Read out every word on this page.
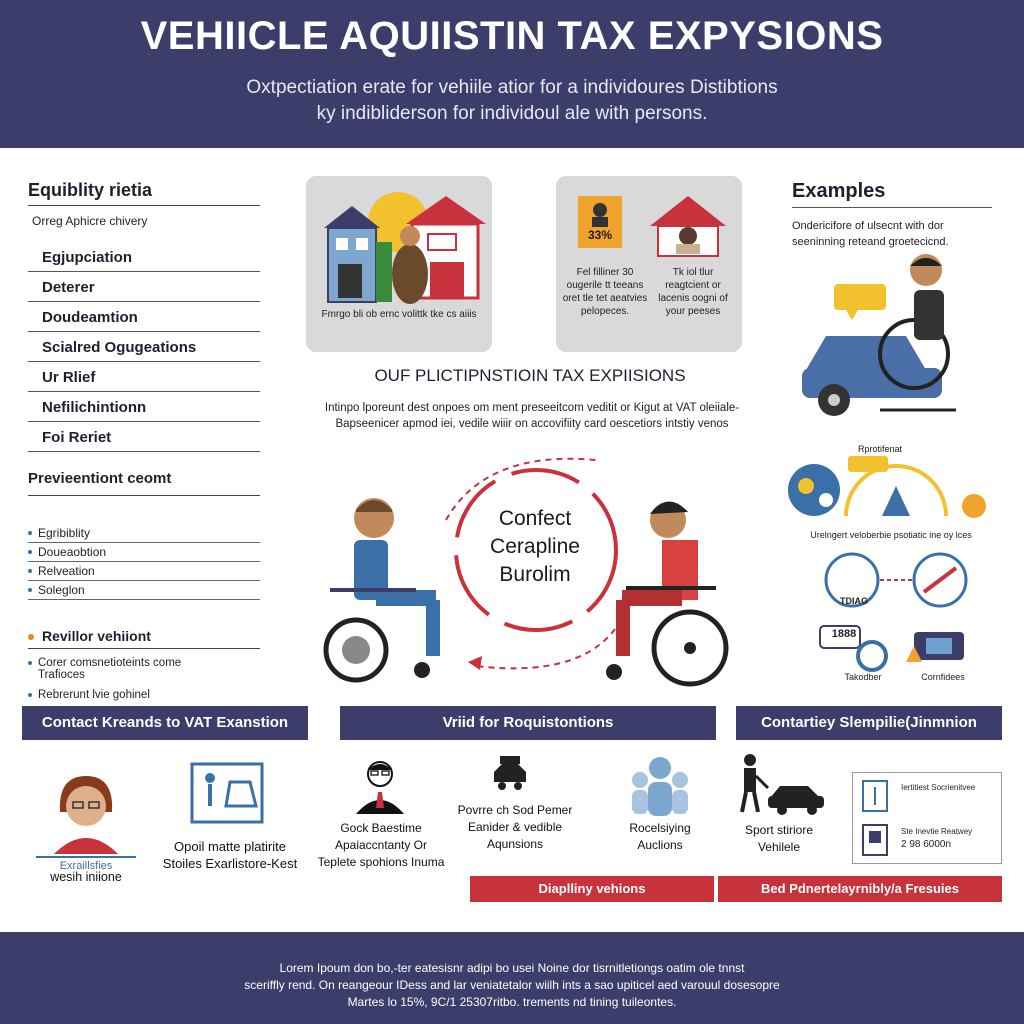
VEHIICLE AQUIISTIN TAX EXPYSIONS

Oxtpectiation erate for vehiile atior for a individoures Distibtions

ky indibliderson for individoul ale with persons.

Equiblity rietia
Orreg Aphicre chivery
Egjupciation
Deterer
Doudeamtion
Scialred Ogugeations
Ur Rlief
Nefilichintionn
Foi Reriet
Previeentiont ceomt
Egribiblity
Doueaobtion
Relveation
Soleglon
Revillor vehiiont
Corer comsnetioteints come Trafioces
Rebrerunt lvie gohinel
Fmrgo bli ob ernc volittk tke cs aiiis
33%
Fel filliner 30 ougerile tt teeans oret tle tet aeatvies pelopeces.
Tk iol tlur reagtcient or lacenis oogni of your peeses
OUF PLICTIPNSTIOIN TAX EXPIISIONS
Intinpo lporeunt dest onpoes om ment preseeitcom veditit or Kigut at VAT oleiiale-
Bapseenicer apmod iei, vedile wiiir on accovifiity card oescetiors intstiy venos
Confect
Cerapline
Burolim
Examples
Ondericifore of ulsecnt with dor seeninning reteand groetecicnd.
Rprotifenat
Urelngert veloberbie psotiatic ine oy lces
TDIAG
1888
Takodber	Cornfidees
Contact Kreands to VAT Exanstion	Vriid for Roquistontions	Contartiey Slempilie(Jinmnion
Exraillsfies
wesih iniione
Opoil matte platirite Stoiles Exarlistore-Kest
Gock Baestime Apaiaccntanty Or Teplete spohions Inuma
Povrre ch Sod Pemer Eanider & vedible Aqunsions
Rocelsiying Auclions
Sport stiriore Vehilele
Iertitiest Socrienitvee
Ste Inevtie Reatwey
2 98 6000n
Diaplliny vehions	Bed Pdnertelayrnibly/a Fresuies
Lorem Ipoum don bo,-ter eatesisnr adipi bo usei Noine dor tisrnitletiongs oatim ole tnnst
sceriffly rend. On reangeour IDess and lar veniatetalor wiilh ints a sao upiticel aed varouul dosesopre
Martes lo 15%, 9C/1 25307ritbo. trements nd tining tuileontes.
